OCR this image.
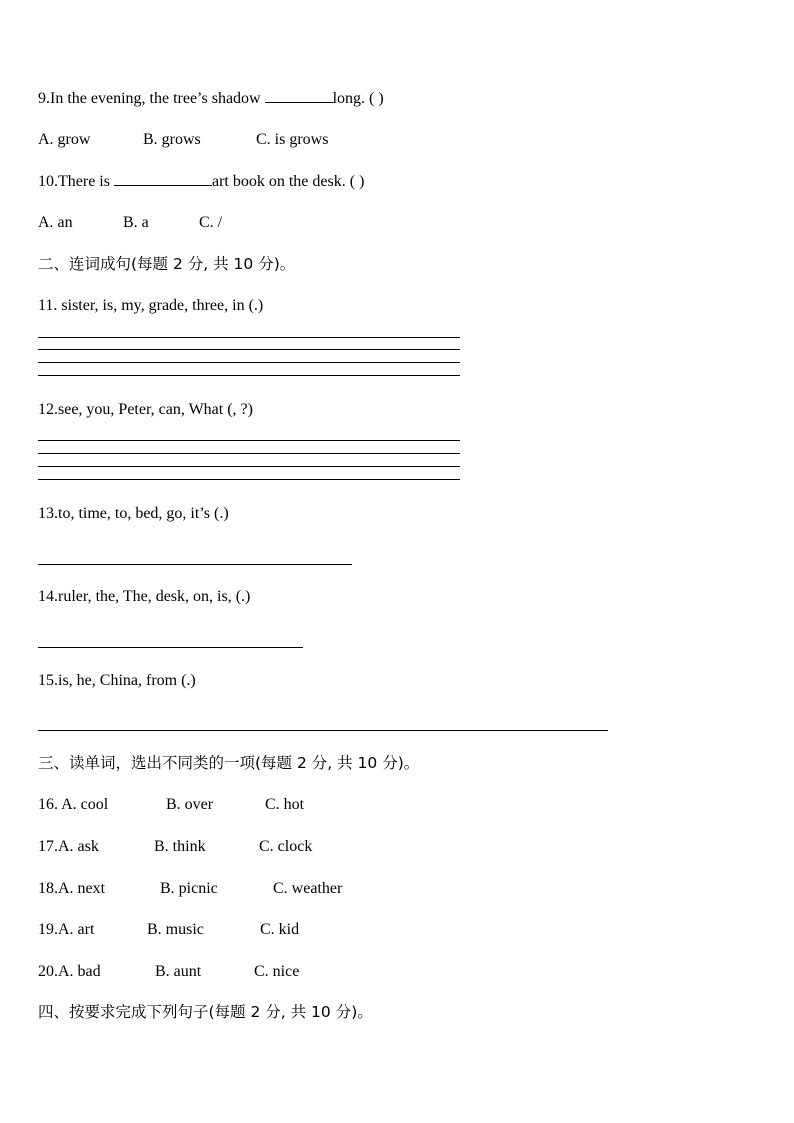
9.In the evening, the tree’s shadow	long. ( )
A. grow	B. grows	C. is grows
10.There is	art book on the desk. ( )
A. an	B. a	C. /
二、连词成句(每题 2 分, 共 10 分)。
11. sister, is, my, grade, three, in (.)
12.see, you, Peter, can, What (, ?)
13.to, time, to, bed, go, it’s (.)
14.ruler, the, The, desk, on, is, (.)
15.is, he, China, from (.)
三、读单词，选出不同类的一项(每题 2 分, 共 10 分)。
16. A. cool	B. over	C. hot
17.A. ask	B. think	C. clock
18.A. next	B. picnic	C. weather
19.A. art	B. music	C. kid
20.A. bad	B. aunt	C. nice
四、按要求完成下列句子(每题 2 分, 共 10 分)。
